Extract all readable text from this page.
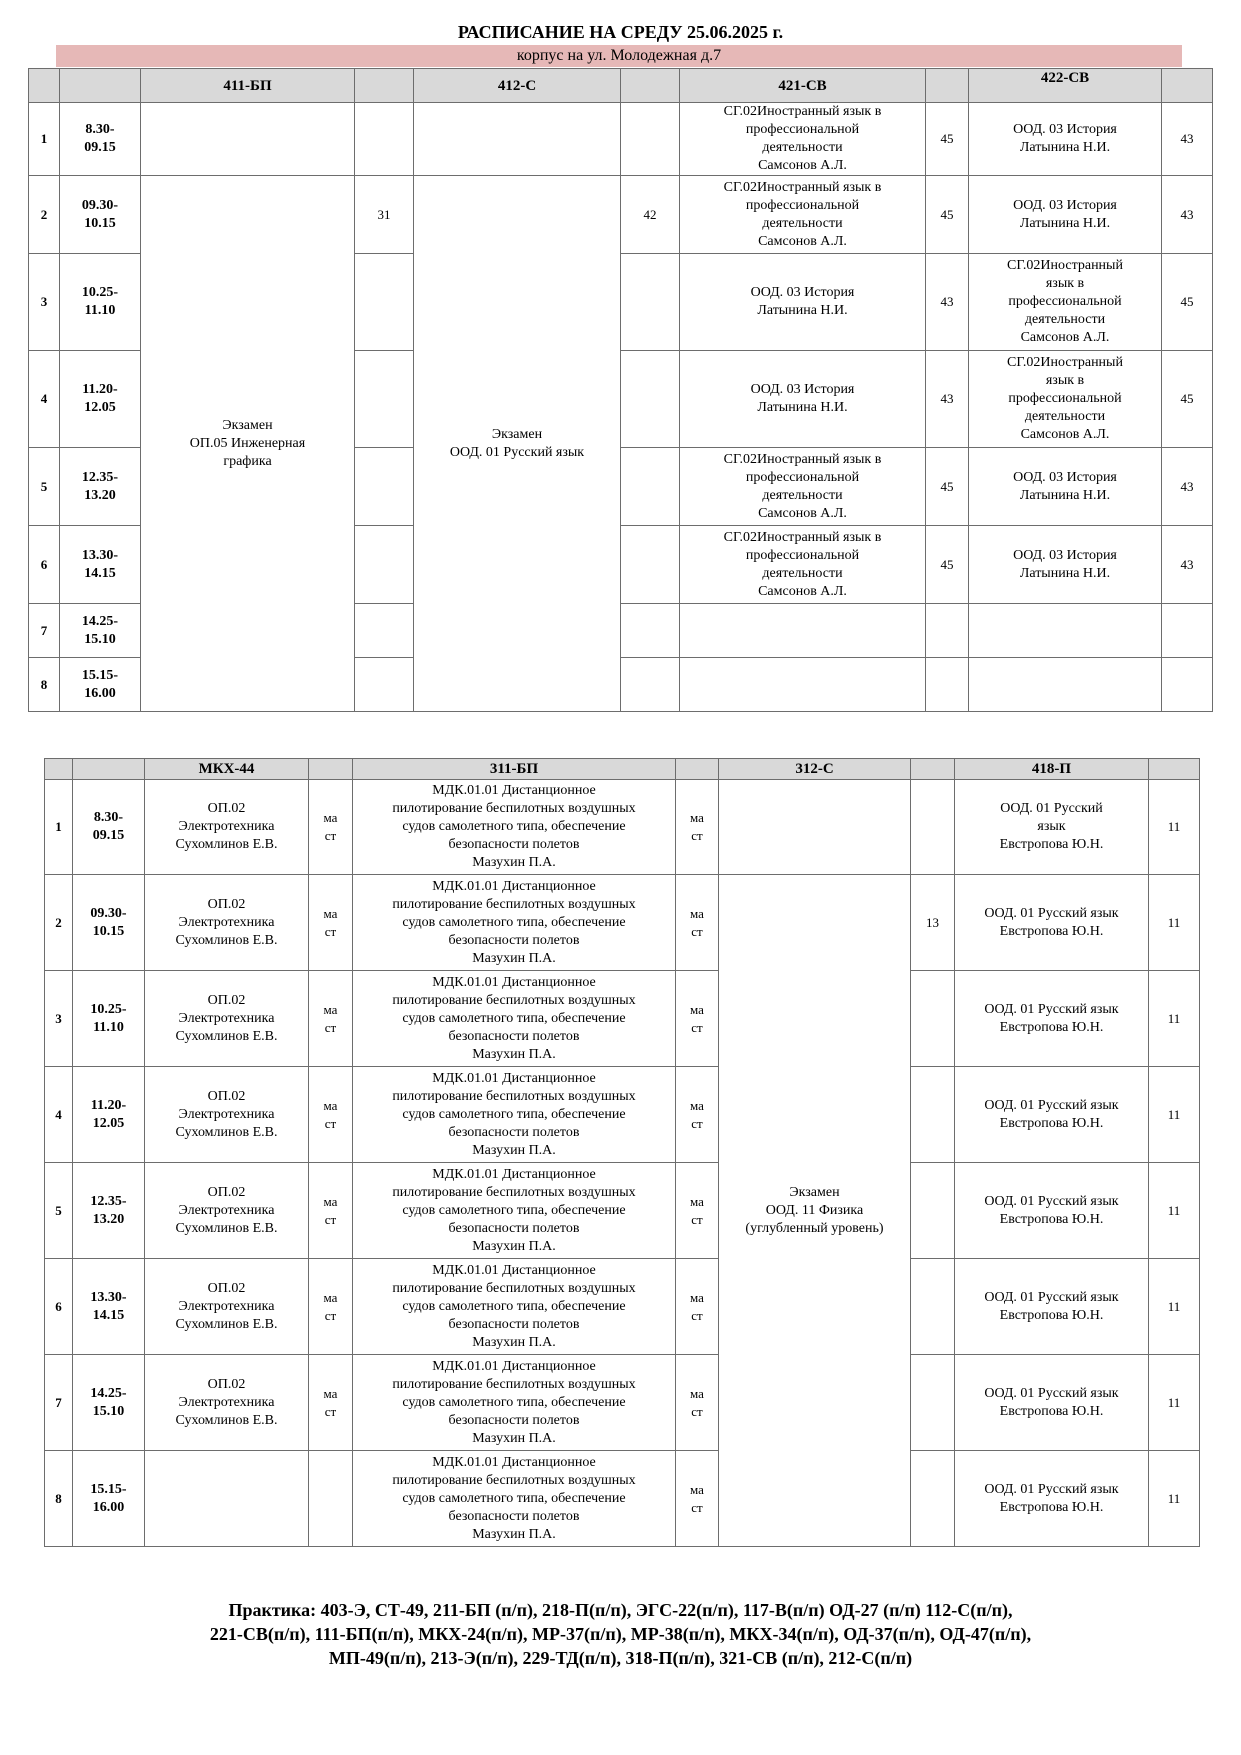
РАСПИСАНИЕ НА СРЕДУ 25.06.2025 г.
корпус на ул. Молодежная д.7
		411-БП		412-С		421-СВ		422-СВ	
1	8.30-
09.15					СГ.02Иностранный язык в
профессиональной
деятельности
Самсонов А.Л.	45	ООД. 03 История
Латынина Н.И.	43
2	09.30-
10.15	Экзамен
ОП.05 Инженерная
графика	31	Экзамен
ООД. 01 Русский язык	42	СГ.02Иностранный язык в
профессиональной
деятельности
Самсонов А.Л.	45	ООД. 03 История
Латынина Н.И.	43
3	10.25-
11.10					ООД. 03 История
Латынина Н.И.	43	СГ.02Иностранный
язык в
профессиональной
деятельности
Самсонов А.Л.	45
4	11.20-
12.05					ООД. 03 История
Латынина Н.И.	43	СГ.02Иностранный
язык в
профессиональной
деятельности
Самсонов А.Л.	45
5	12.35-
13.20					СГ.02Иностранный язык в
профессиональной
деятельности
Самсонов А.Л.	45	ООД. 03 История
Латынина Н.И.	43
6	13.30-
14.15					СГ.02Иностранный язык в
профессиональной
деятельности
Самсонов А.Л.	45	ООД. 03 История
Латынина Н.И.	43
7	14.25-
15.10								
8	15.15-
16.00								
		МКХ-44		311-БП		312-С		418-П	
1	8.30-
09.15	ОП.02
Электротехника
Сухомлинов Е.В.	ма
ст	МДК.01.01 Дистанционное
пилотирование беспилотных воздушных
судов самолетного типа, обеспечение
безопасности полетов
Мазухин П.А.	ма
ст			ООД. 01 Русский
язык
Евстропова Ю.Н.	11
2	09.30-
10.15	ОП.02
Электротехника
Сухомлинов Е.В.	ма
ст	МДК.01.01 Дистанционное
пилотирование беспилотных воздушных
судов самолетного типа, обеспечение
безопасности полетов
Мазухин П.А.	ма
ст	Экзамен
ООД. 11 Физика
(углубленный уровень)	13	ООД. 01 Русский язык
Евстропова Ю.Н.	11
3	10.25-
11.10	ОП.02
Электротехника
Сухомлинов Е.В.	ма
ст	МДК.01.01 Дистанционное
пилотирование беспилотных воздушных
судов самолетного типа, обеспечение
безопасности полетов
Мазухин П.А.	ма
ст			ООД. 01 Русский язык
Евстропова Ю.Н.	11
4	11.20-
12.05	ОП.02
Электротехника
Сухомлинов Е.В.	ма
ст	МДК.01.01 Дистанционное
пилотирование беспилотных воздушных
судов самолетного типа, обеспечение
безопасности полетов
Мазухин П.А.	ма
ст			ООД. 01 Русский язык
Евстропова Ю.Н.	11
5	12.35-
13.20	ОП.02
Электротехника
Сухомлинов Е.В.	ма
ст	МДК.01.01 Дистанционное
пилотирование беспилотных воздушных
судов самолетного типа, обеспечение
безопасности полетов
Мазухин П.А.	ма
ст			ООД. 01 Русский язык
Евстропова Ю.Н.	11
6	13.30-
14.15	ОП.02
Электротехника
Сухомлинов Е.В.	ма
ст	МДК.01.01 Дистанционное
пилотирование беспилотных воздушных
судов самолетного типа, обеспечение
безопасности полетов
Мазухин П.А.	ма
ст			ООД. 01 Русский язык
Евстропова Ю.Н.	11
7	14.25-
15.10	ОП.02
Электротехника
Сухомлинов Е.В.	ма
ст	МДК.01.01 Дистанционное
пилотирование беспилотных воздушных
судов самолетного типа, обеспечение
безопасности полетов
Мазухин П.А.	ма
ст			ООД. 01 Русский язык
Евстропова Ю.Н.	11
8	15.15-
16.00			МДК.01.01 Дистанционное
пилотирование беспилотных воздушных
судов самолетного типа, обеспечение
безопасности полетов
Мазухин П.А.	ма
ст			ООД. 01 Русский язык
Евстропова Ю.Н.	11
Практика: 403-Э, СТ-49, 211-БП (п/п), 218-П(п/п), ЭГС-22(п/п), 117-В(п/п) ОД-27 (п/п) 112-С(п/п),
221-СВ(п/п), 111-БП(п/п), МКХ-24(п/п), МР-37(п/п), МР-38(п/п), МКХ-34(п/п), ОД-37(п/п), ОД-47(п/п),
МП-49(п/п), 213-Э(п/п), 229-ТД(п/п), 318-П(п/п), 321-СВ (п/п), 212-С(п/п)
